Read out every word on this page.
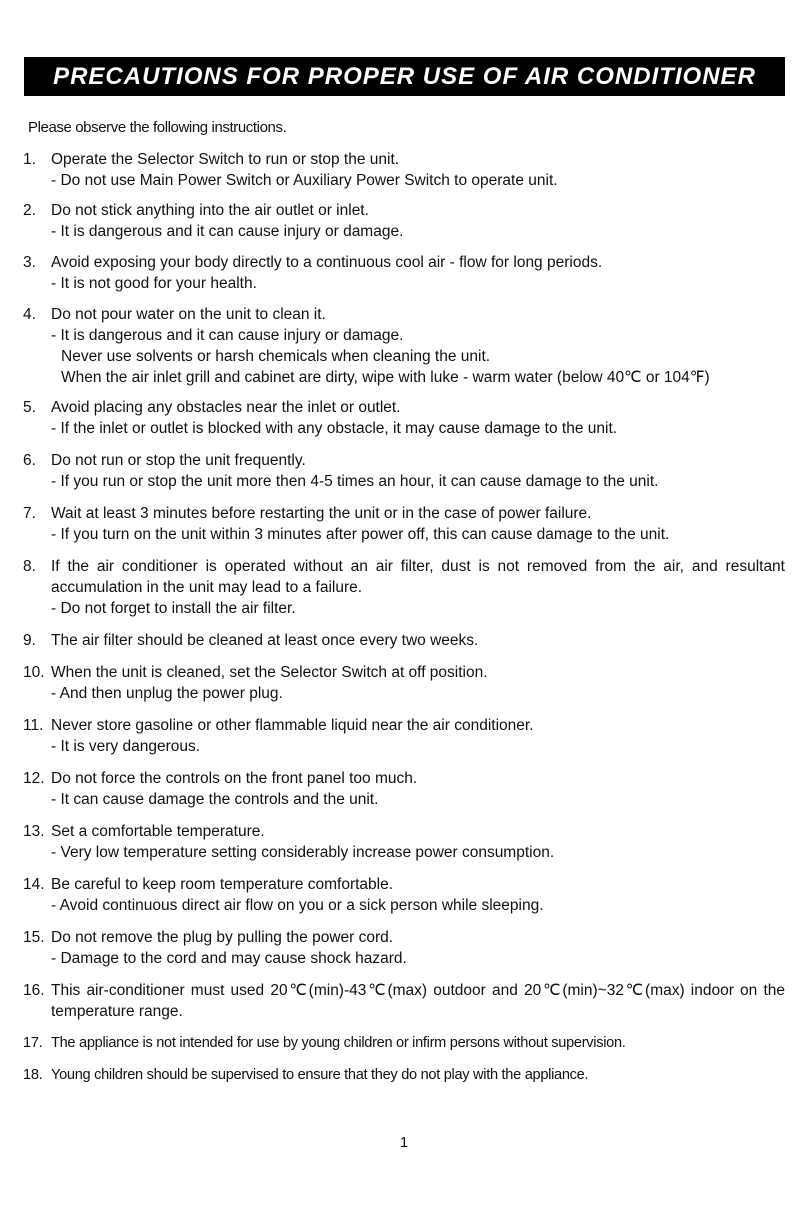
PRECAUTIONS FOR PROPER USE OF AIR CONDITIONER
Please observe the following instructions.
1. Operate the Selector Switch to run or stop the unit.
- Do not use Main Power Switch or Auxiliary Power Switch to operate unit.
2. Do not stick anything into the air outlet or inlet.
- It is dangerous and it can cause injury or damage.
3. Avoid exposing your body directly to a continuous cool air - flow for long periods.
- It is not good for your health.
4. Do not pour water on the unit to clean it.
- It is dangerous and it can cause injury or damage.
Never use solvents or harsh chemicals when cleaning the unit.
When the air inlet grill and cabinet are dirty, wipe with luke - warm water (below 40℃ or 104℉)
5. Avoid placing any obstacles near the inlet or outlet.
- If the inlet or outlet is blocked with any obstacle, it may cause damage to the unit.
6. Do not run or stop the unit frequently.
- If you run or stop the unit more then 4-5 times an hour, it can cause damage to the unit.
7. Wait at least 3 minutes before restarting the unit or in the case of power failure.
- If you turn on the unit within 3 minutes after power off, this can cause damage to the unit.
8. If the air conditioner is operated without an air filter, dust is not removed from the air, and resultant
accumulation in the unit may lead to a failure.
- Do not forget to install the air filter.
9. The air filter should be cleaned at least once every two weeks.
10. When the unit is cleaned, set the Selector Switch at off position.
- And then unplug the power plug.
11. Never store gasoline or other flammable liquid near the air conditioner.
- It is very dangerous.
12. Do not force the controls on the front panel too much.
- It can cause damage the controls and the unit.
13. Set a comfortable temperature.
- Very low temperature setting considerably increase power consumption.
14. Be careful to keep room temperature comfortable.
- Avoid continuous direct air flow on you or a sick person while sleeping.
15. Do not remove the plug by pulling the power cord.
- Damage to the cord and may cause shock hazard.
16. This air-conditioner must used 20℃(min)-43℃(max) outdoor and 20℃(min)~32℃(max) indoor on the
temperature range.
17. The appliance is not intended for use by young children or infirm persons without supervision.
18. Young children should be supervised to ensure that they do not play with the appliance.
1
